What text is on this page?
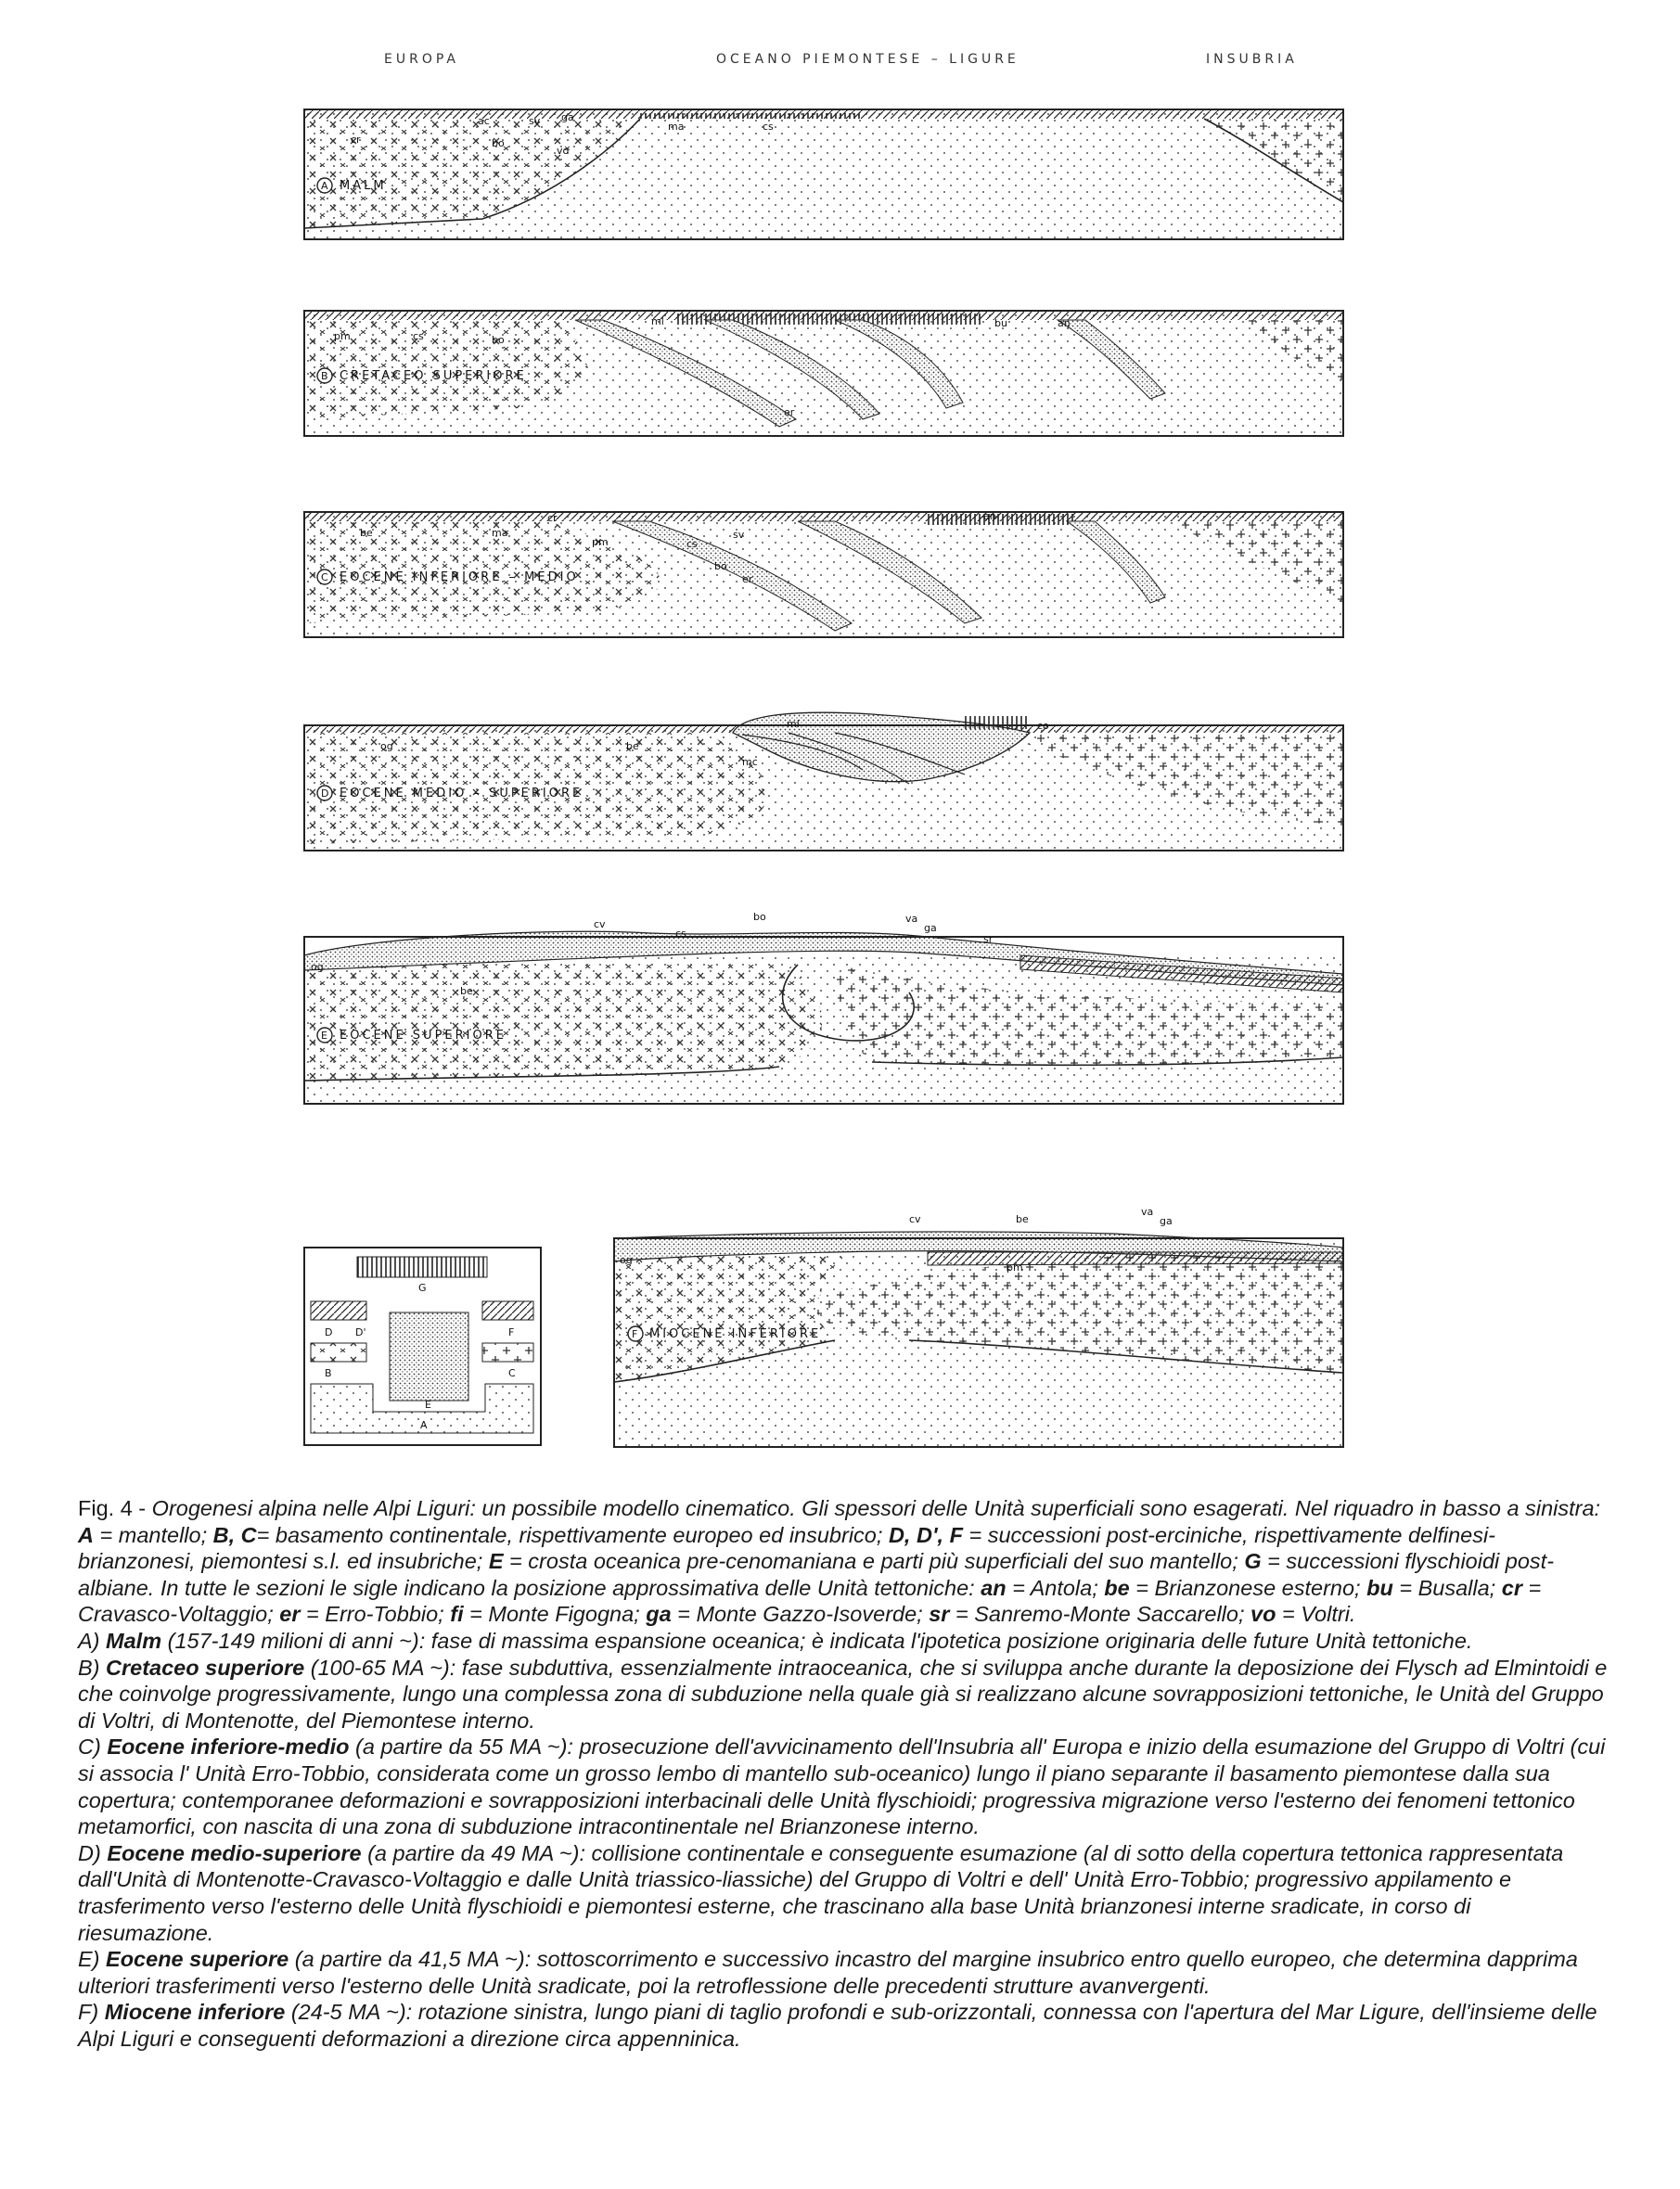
EUROPA	OCEANO PIEMONTESE – LIGURE	INSUBRIA
A MALM
cr
ac	sv ga
vo
bo
ma	cs
B CRETACEO SUPERIORE
pm	cs	bo
ml	bu	an
er
C EOCENE INFERIORE – MEDIO
be	ma
cr
pm	cs
sv
bo
er
an
D EOCENE MEDIO – SUPERIORE
og	be
mc
ml	co
E EOCENE SUPERIORE
og
cv
cs
be
bo	va
ga
sr
G
D D'	F
B	C
E
A
F MIOCENE INFERIORE
og
cv	be
va
ga
pm

Fig. 4 - Orogenesi alpina nelle Alpi Liguri: un possibile modello cinematico. Gli spessori delle Unità superficiali sono esagerati. Nel riquadro in basso a sinistra: A = mantello; B, C= basamento continentale, rispettivamente europeo ed insubrico; D, D', F = successioni post-erciniche, rispettivamente delfinesi-brianzonesi, piemontesi s.l. ed insubriche; E = crosta oceanica pre-cenomaniana e parti più superficiali del suo mantello; G = successioni flyschioidi post-albiane. In tutte le sezioni le sigle indicano la posizione approssimativa delle Unità tettoniche: an = Antola; be = Brianzonese esterno; bu = Busalla; cr = Cravasco-Voltaggio; er = Erro-Tobbio; fi = Monte Figogna; ga = Monte Gazzo-Isoverde; sr = Sanremo-Monte Saccarello; vo = Voltri.

A) Malm (157-149 milioni di anni ~): fase di massima espansione oceanica; è indicata l'ipotetica posizione originaria delle future Unità tettoniche.

B) Cretaceo superiore (100-65 MA ~): fase subduttiva, essenzialmente intraoceanica, che si sviluppa anche durante la deposizione dei Flysch ad Elmintoidi e che coinvolge progressivamente, lungo una complessa zona di subduzione nella quale già si realizzano alcune sovrapposizioni tettoniche, le Unità del Gruppo di Voltri, di Montenotte, del Piemontese interno.

C) Eocene inferiore-medio (a partire da 55 MA ~): prosecuzione dell'avvicinamento dell'Insubria all' Europa e inizio della esumazione del Gruppo di Voltri (cui si associa l' Unità Erro-Tobbio, considerata come un grosso lembo di mantello sub-oceanico) lungo il piano separante il basamento piemontese dalla sua copertura; contemporanee deformazioni e sovrapposizioni interbacinali delle Unità flyschioidi; progressiva migrazione verso l'esterno dei fenomeni tettonico metamorfici, con nascita di una zona di subduzione intracontinentale nel Brianzonese interno.

D) Eocene medio-superiore (a partire da 49 MA ~): collisione continentale e conseguente esumazione (al di sotto della copertura tettonica rappresentata dall'Unità di Montenotte-Cravasco-Voltaggio e dalle Unità triassico-liassiche) del Gruppo di Voltri e dell' Unità Erro-Tobbio; progressivo appilamento e trasferimento verso l'esterno delle Unità flyschioidi e piemontesi esterne, che trascinano alla base Unità brianzonesi interne sradicate, in corso di riesumazione.

E) Eocene superiore (a partire da 41,5 MA ~): sottoscorrimento e successivo incastro del margine insubrico entro quello europeo, che determina dapprima ulteriori trasferimenti verso l'esterno delle Unità sradicate, poi la retroflessione delle precedenti strutture avanvergenti.

F) Miocene inferiore (24-5 MA ~): rotazione sinistra, lungo piani di taglio profondi e sub-orizzontali, connessa con l'apertura del Mar Ligure, dell'insieme delle Alpi Liguri e conseguenti deformazioni a direzione circa appenninica.
